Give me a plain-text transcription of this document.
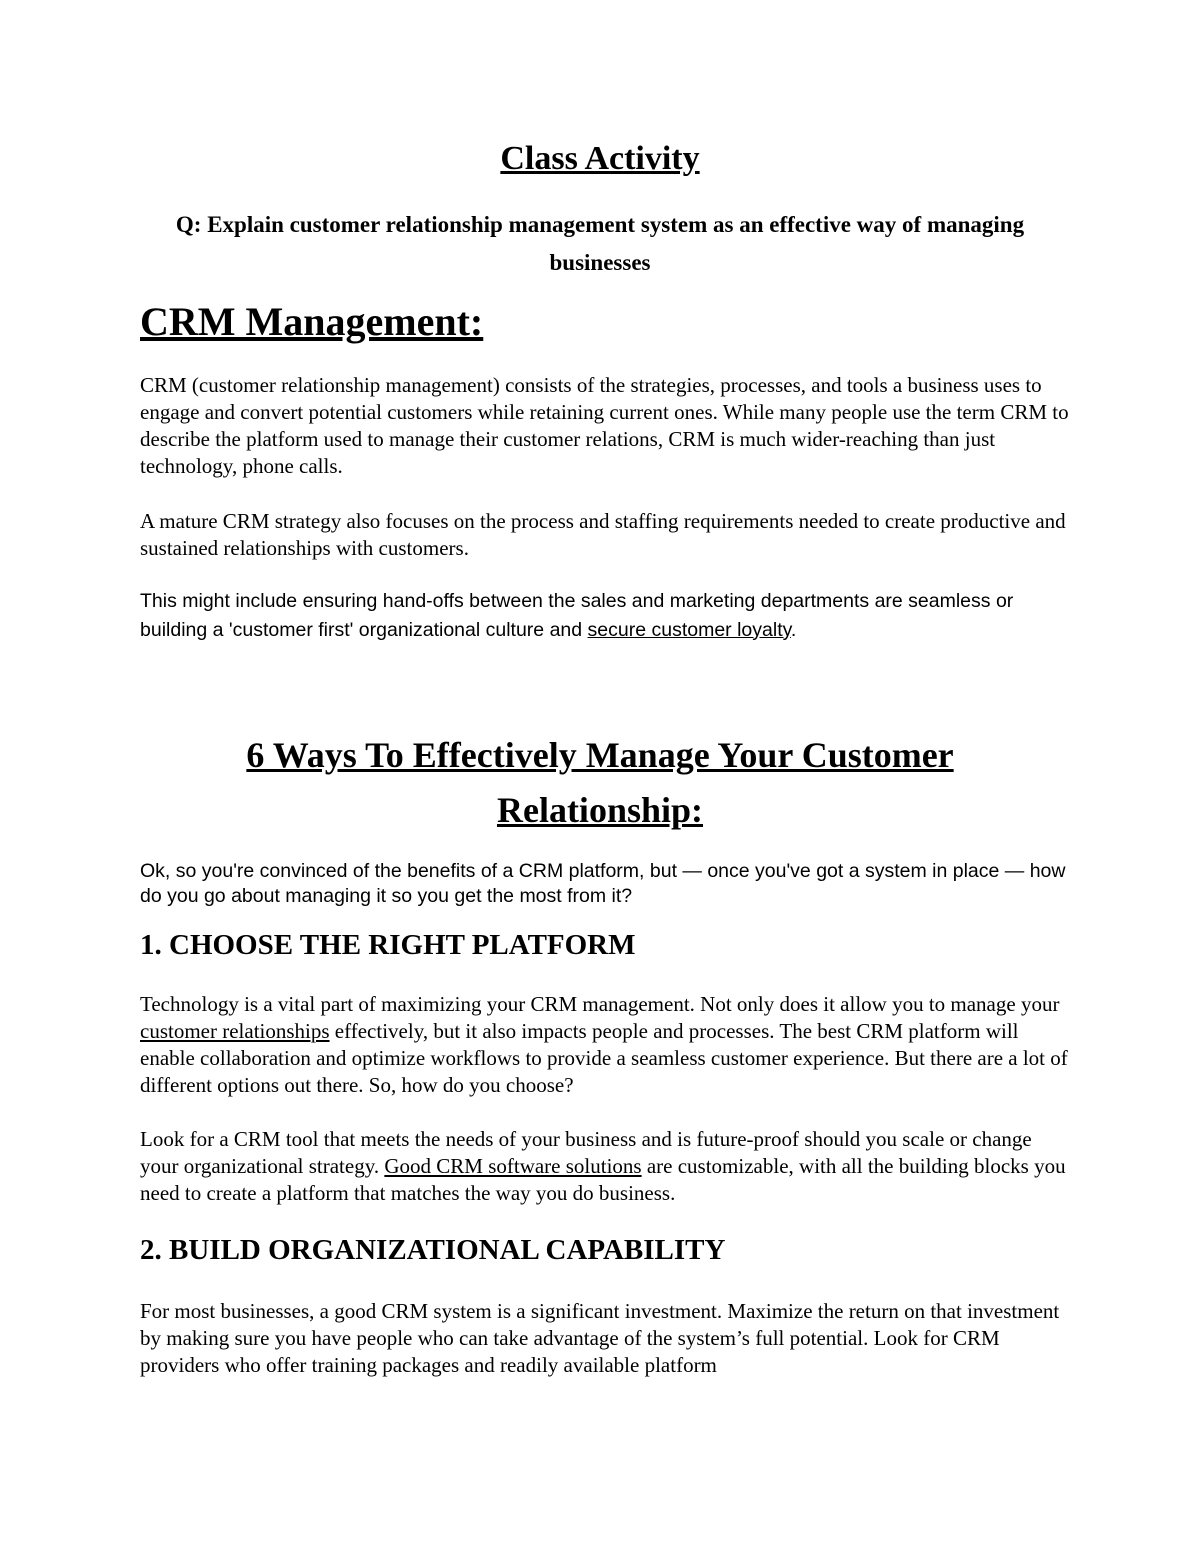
Class Activity

Q: Explain customer relationship management system as an effective way of managing businesses

CRM Management:

CRM (customer relationship management) consists of the strategies, processes, and tools a business uses to engage and convert potential customers while retaining current ones. While many people use the term CRM to describe the platform used to manage their customer relations, CRM is much wider-reaching than just technology, phone calls.

A mature CRM strategy also focuses on the process and staffing requirements needed to create productive and sustained relationships with customers.

This might include ensuring hand-offs between the sales and marketing departments are seamless or building a 'customer first' organizational culture and secure customer loyalty.

6 Ways To Effectively Manage Your Customer Relationship:

Ok, so you're convinced of the benefits of a CRM platform, but — once you've got a system in place — how do you go about managing it so you get the most from it?

1. CHOOSE THE RIGHT PLATFORM

Technology is a vital part of maximizing your CRM management. Not only does it allow you to manage your customer relationships effectively, but it also impacts people and processes. The best CRM platform will enable collaboration and optimize workflows to provide a seamless customer experience. But there are a lot of different options out there. So, how do you choose?

Look for a CRM tool that meets the needs of your business and is future-proof should you scale or change your organizational strategy. Good CRM software solutions are customizable, with all the building blocks you need to create a platform that matches the way you do business.

2. BUILD ORGANIZATIONAL CAPABILITY

For most businesses, a good CRM system is a significant investment. Maximize the return on that investment by making sure you have people who can take advantage of the system’s full potential. Look for CRM providers who offer training packages and readily available platform
